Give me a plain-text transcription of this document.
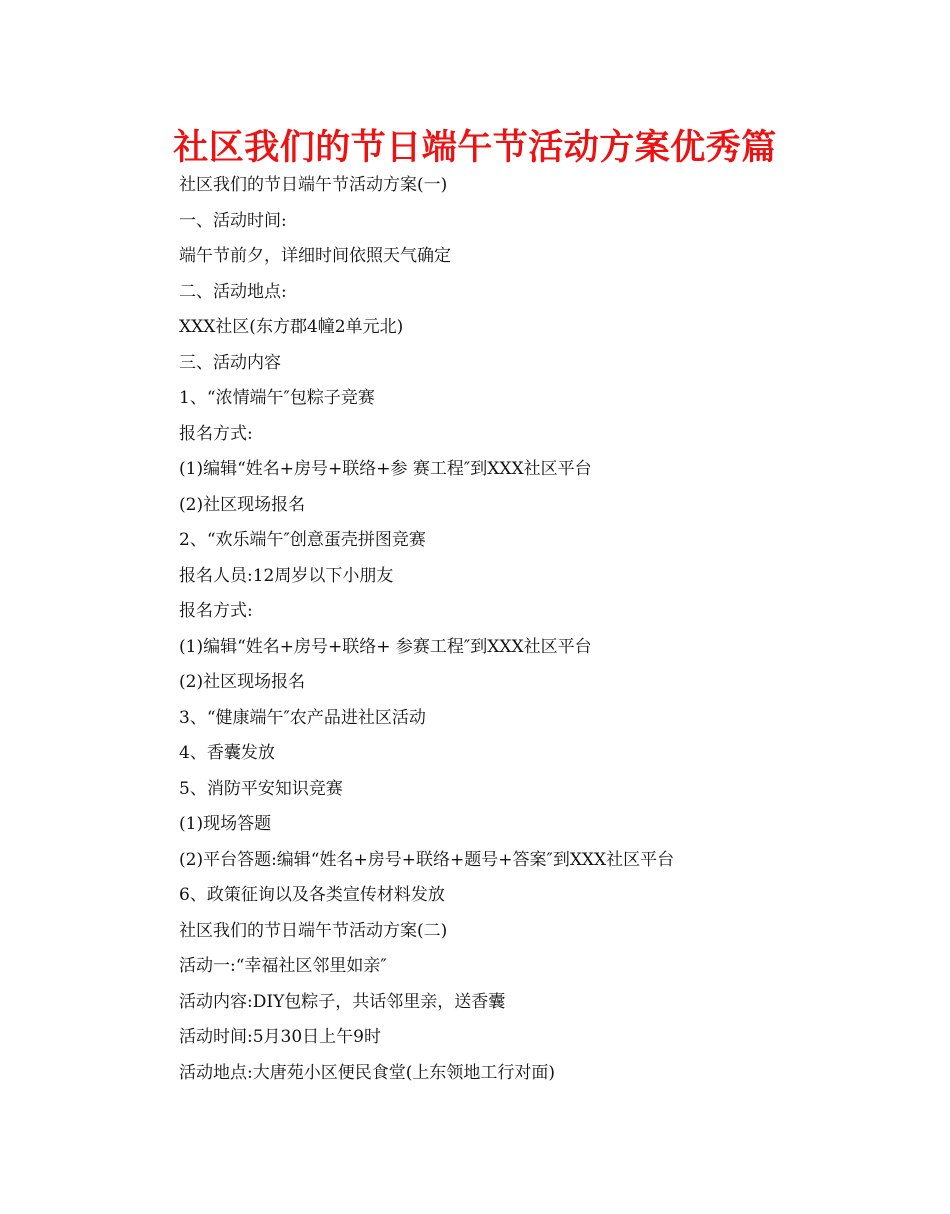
社区我们的节日端午节活动方案优秀篇
社区我们的节日端午节活动方案(一)
一、活动时间:
端午节前夕，详细时间依照天气确定
二、活动地点:
XXX社区(东方郡4幢2单元北)
三、活动内容
1、“浓情端午″包粽子竞赛
报名方式:
(1)编辑“姓名+房号+联络+参 赛工程″到XXX社区平台
(2)社区现场报名
2、“欢乐端午″创意蛋壳拼图竞赛
报名人员:12周岁以下小朋友
报名方式:
(1)编辑“姓名+房号+联络+ 参赛工程″到XXX社区平台
(2)社区现场报名
3、“健康端午″农产品进社区活动
4、香囊发放
5、消防平安知识竞赛
(1)现场答题
(2)平台答题:编辑“姓名+房号+联络+题号+答案″到XXX社区平台
6、政策征询以及各类宣传材料发放
社区我们的节日端午节活动方案(二)
活动一:“幸福社区邻里如亲″
活动内容:DIY包粽子，共话邻里亲，送香囊
活动时间:5月30日上午9时
活动地点:大唐苑小区便民食堂(上东领地工行对面)
